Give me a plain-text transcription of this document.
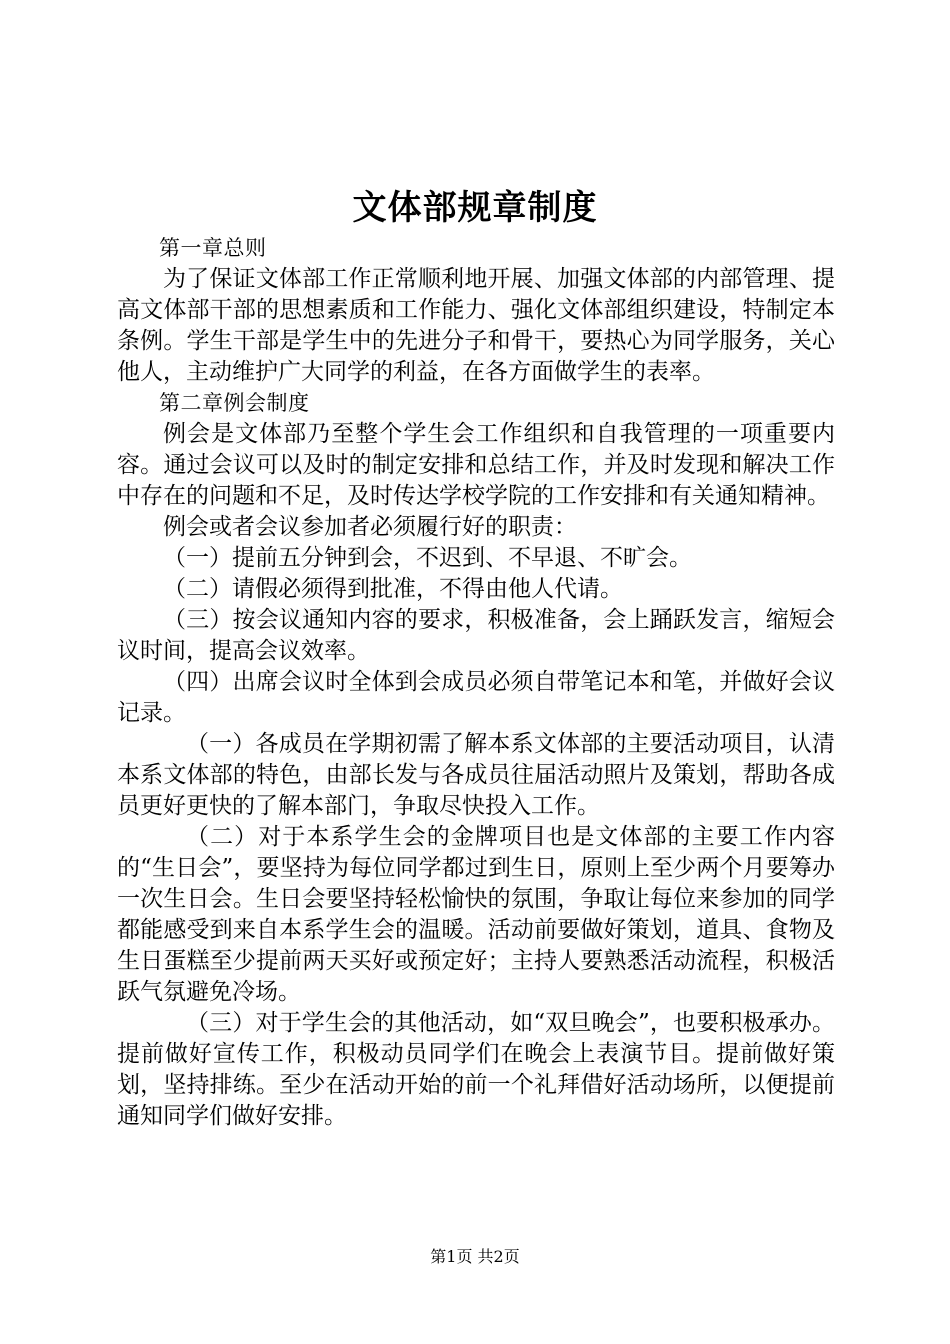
文体部规章制度

第一章总则

为了保证文体部工作正常顺利地开展、加强文体部的内部管理、提高文体部干部的思想素质和工作能力、强化文体部组织建设，特制定本条例。学生干部是学生中的先进分子和骨干，要热心为同学服务，关心他人，主动维护广大同学的利益，在各方面做学生的表率。

第二章例会制度

例会是文体部乃至整个学生会工作组织和自我管理的一项重要内容。通过会议可以及时的制定安排和总结工作，并及时发现和解决工作中存在的问题和不足，及时传达学校学院的工作安排和有关通知精神。

例会或者会议参加者必须履行好的职责：

（一）提前五分钟到会，不迟到、不早退、不旷会。

（二）请假必须得到批准，不得由他人代请。

（三）按会议通知内容的要求，积极准备，会上踊跃发言，缩短会议时间，提高会议效率。

（四）出席会议时全体到会成员必须自带笔记本和笔，并做好会议记录。

（一）各成员在学期初需了解本系文体部的主要活动项目，认清本系文体部的特色，由部长发与各成员往届活动照片及策划，帮助各成员更好更快的了解本部门，争取尽快投入工作。

（二）对于本系学生会的金牌项目也是文体部的主要工作内容的“生日会”，要坚持为每位同学都过到生日，原则上至少两个月要筹办一次生日会。生日会要坚持轻松愉快的氛围，争取让每位来参加的同学都能感受到来自本系学生会的温暖。活动前要做好策划，道具、食物及生日蛋糕至少提前两天买好或预定好；主持人要熟悉活动流程，积极活跃气氛避免冷场。

（三）对于学生会的其他活动，如“双旦晚会”，也要积极承办。提前做好宣传工作，积极动员同学们在晚会上表演节目。提前做好策划，坚持排练。至少在活动开始的前一个礼拜借好活动场所，以便提前通知同学们做好安排。

第1页 共2页
